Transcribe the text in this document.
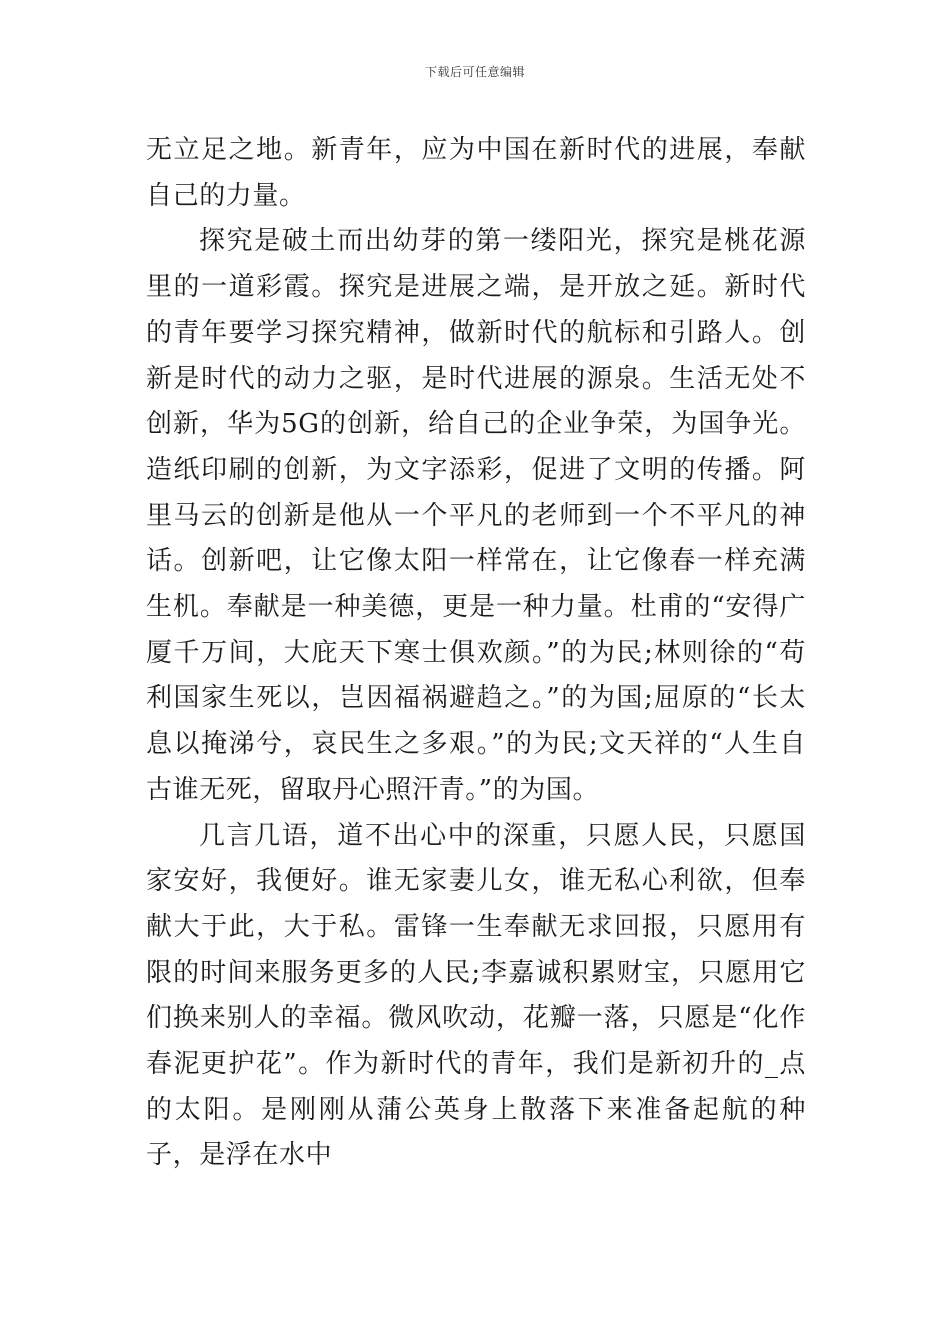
下载后可任意编辑

无立足之地。新青年，应为中国在新时代的进展，奉献自己的力量。

探究是破土而出幼芽的第一缕阳光，探究是桃花源里的一道彩霞。探究是进展之端，是开放之延。新时代的青年要学习探究精神，做新时代的航标和引路人。创新是时代的动力之驱，是时代进展的源泉。生活无处不创新，华为5G的创新，给自己的企业争荣，为国争光。造纸印刷的创新，为文字添彩，促进了文明的传播。阿里马云的创新是他从一个平凡的老师到一个不平凡的神话。创新吧，让它像太阳一样常在，让它像春一样充满生机。奉献是一种美德，更是一种力量。杜甫的“安得广厦千万间，大庇天下寒士俱欢颜。”的为民;林则徐的“苟利国家生死以，岂因福祸避趋之。”的为国;屈原的“长太息以掩涕兮，哀民生之多艰。”的为民;文天祥的“人生自古谁无死，留取丹心照汗青。”的为国。

几言几语，道不出心中的深重，只愿人民，只愿国家安好，我便好。谁无家妻儿女，谁无私心利欲，但奉献大于此，大于私。雷锋一生奉献无求回报，只愿用有限的时间来服务更多的人民;李嘉诚积累财宝，只愿用它们换来别人的幸福。微风吹动，花瓣一落，只愿是“化作春泥更护花”。作为新时代的青年，我们是新初升的_点的太阳。是刚刚从蒲公英身上散落下来准备起航的种子，是浮在水中
